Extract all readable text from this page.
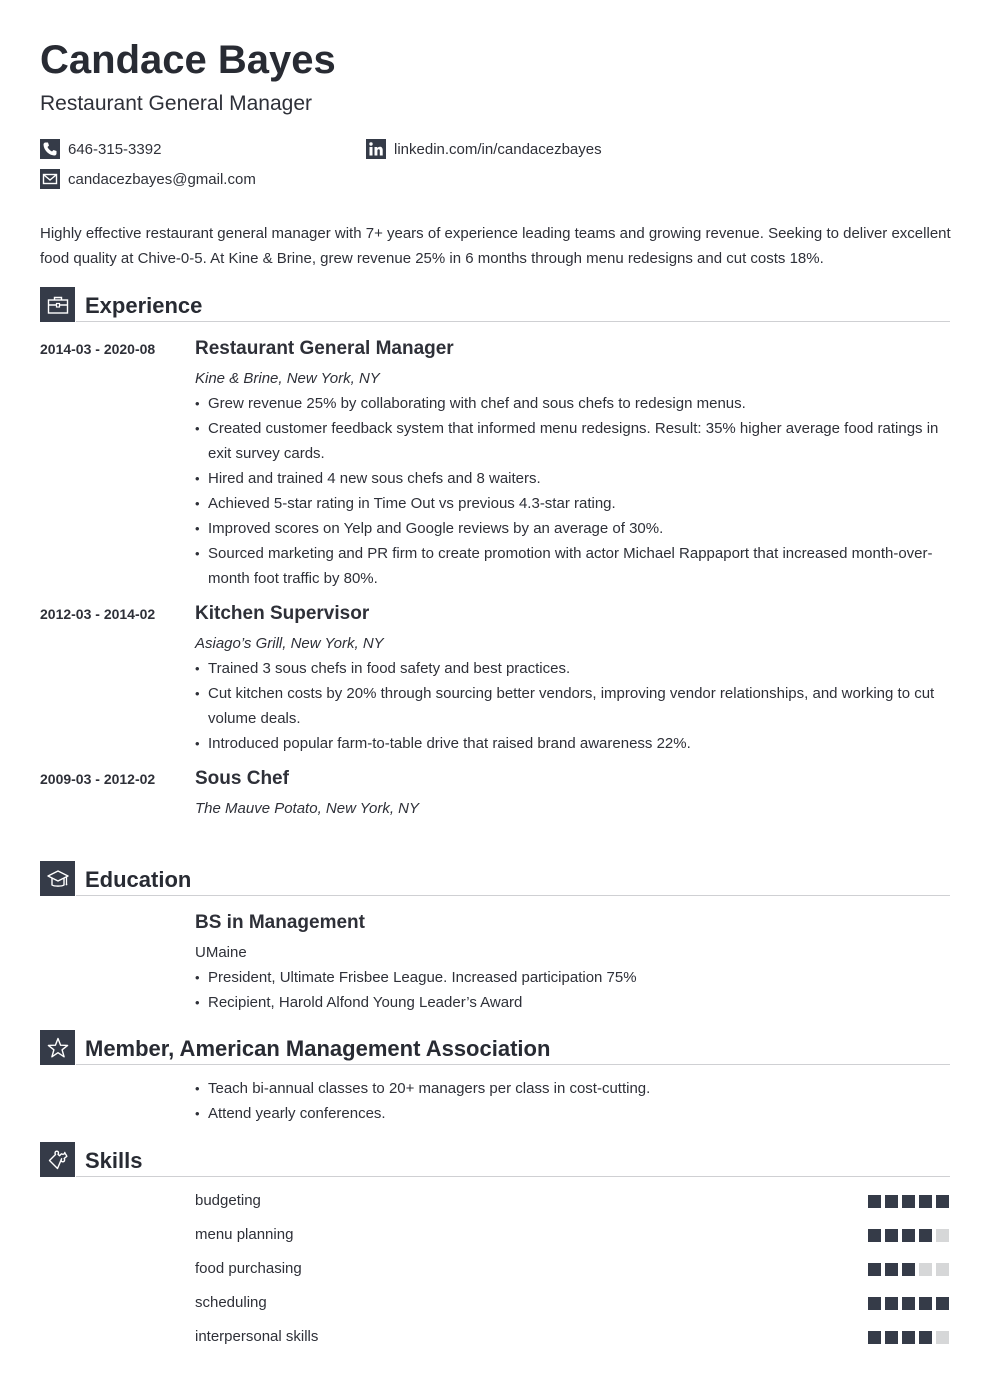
Candace Bayes
Restaurant General Manager
646-315-3392	linkedin.com/in/candacezbayes
candacezbayes@gmail.com
Highly effective restaurant general manager with 7+ years of experience leading teams and growing revenue. Seeking to deliver excellent food quality at Chive-0-5. At Kine & Brine, grew revenue 25% in 6 months through menu redesigns and cut costs 18%.
Experience
2014-03 - 2020-08 Restaurant General Manager
Kine & Brine, New York, NY
• Grew revenue 25% by collaborating with chef and sous chefs to redesign menus.
• Created customer feedback system that informed menu redesigns. Result: 35% higher average food ratings in exit survey cards.
• Hired and trained 4 new sous chefs and 8 waiters.
• Achieved 5-star rating in Time Out vs previous 4.3-star rating.
• Improved scores on Yelp and Google reviews by an average of 30%.
• Sourced marketing and PR firm to create promotion with actor Michael Rappaport that increased month-over-month foot traffic by 80%.
2012-03 - 2014-02 Kitchen Supervisor
Asiago’s Grill, New York, NY
• Trained 3 sous chefs in food safety and best practices.
• Cut kitchen costs by 20% through sourcing better vendors, improving vendor relationships, and working to cut volume deals.
• Introduced popular farm-to-table drive that raised brand awareness 22%.
2009-03 - 2012-02 Sous Chef
The Mauve Potato, New York, NY
Education
BS in Management
UMaine
• President, Ultimate Frisbee League. Increased participation 75%
• Recipient, Harold Alfond Young Leader’s Award
Member, American Management Association
• Teach bi-annual classes to 20+ managers per class in cost-cutting.
• Attend yearly conferences.
Skills
budgeting
menu planning
food purchasing
scheduling
interpersonal skills
